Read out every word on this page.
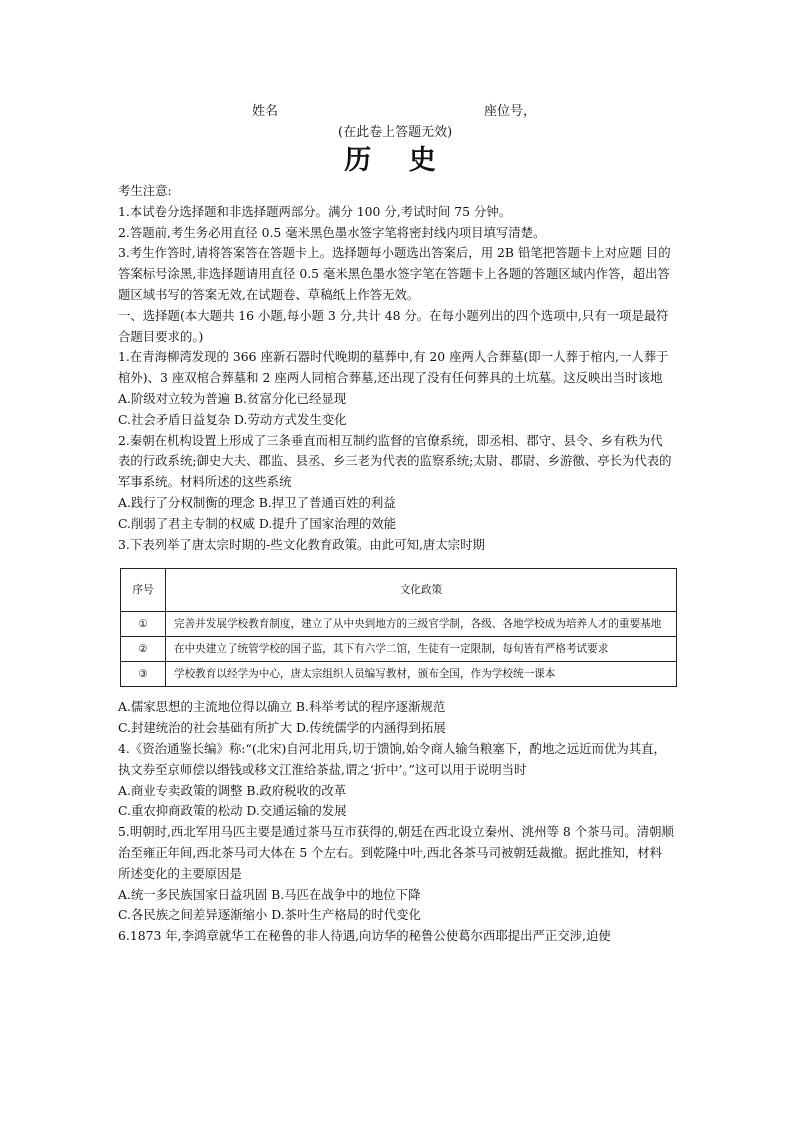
姓名	座位号，
(在此卷上答题无效)
历 史

考生注意:

1.本试卷分选择题和非选择题两部分。满分 100 分,考试时间 75 分钟。

2.答题前,考生务必用直径 0.5 毫米黑色墨水签字笔将密封线内项目填写清楚。

3.考生作答时,请将答案答在答题卡上。选择题每小题选出答案后，用 2B 铅笔把答题卡上对应题 目的答案标号涂黑,非选择题请用直径 0.5 毫米黑色墨水签字笔在答题卡上各题的答题区域内作答，超出答题区域书写的答案无效,在试题卷、草稿纸上作答无效。

一、选择题(本大题共 16 小题,每小题 3 分,共计 48 分。在每小题列出的四个选项中,只有一项是最符合题目要求的。)

1.在青海柳湾发现的 366 座新石器时代晚期的墓葬中,有 20 座两人合葬墓(即一人葬于棺内,一人葬于棺外)、3 座双棺合葬墓和 2 座两人同棺合葬墓,还出现了没有任何葬具的土坑墓。这反映出当时该地

A.阶级对立较为普遍 B.贫富分化已经显现

C.社会矛盾日益复杂 D.劳动方式发生变化

2.秦朝在机构设置上形成了三条垂直而相互制约监督的官僚系统，即丞相、郡守、县令、乡有秩为代表的行政系统;御史大夫、郡监、县丞、乡三老为代表的监察系统;太尉、郡尉、乡游徼、亭长为代表的军事系统。材料所述的这些系统

A.践行了分权制衡的理念 B.捍卫了普通百姓的利益

C.削弱了君主专制的权威 D.提升了国家治理的效能

3.下表列举了唐太宗时期的-些文化教育政策。由此可知,唐太宗时期

序号	文化政策
①	完善并发展学校教育制度，建立了从中央到地方的三级官学制，各级、各地学校成为培养人才的重要基地
②	在中央建立了统管学校的国子监，其下有六学二馆，生徒有一定限制，每旬皆有严格考试要求
③	学校教育以经学为中心，唐太宗组织人员编写教材，颁布全国，作为学校统一课本

A.儒家思想的主流地位得以确立 B.科举考试的程序逐渐规范

C.封建统治的社会基础有所扩大 D.传统儒学的内涵得到拓展

4.《资治通鉴长编》称:“(北宋)自河北用兵,切于馈饷,始令商人输刍粮塞下，酌地之远近而优为其直，执文券至京师偿以缗钱或移文江淮给茶盐,谓之‘折中’。”这可以用于说明当时

A.商业专卖政策的调整 B.政府税收的改革

C.重农抑商政策的松动 D.交通运输的发展

5.明朝时,西北军用马匹主要是通过茶马互市获得的,朝廷在西北设立秦州、洮州等 8 个茶马司。清朝顺治至雍正年间,西北茶马司大体在 5 个左右。到乾隆中叶,西北各茶马司被朝廷裁撤。据此推知，材料所述变化的主要原因是

A.统一多民族国家日益巩固 B.马匹在战争中的地位下降

C.各民族之间差异逐渐缩小 D.茶叶生产格局的时代变化

6.1873 年,李鸿章就华工在秘鲁的非人待遇,向访华的秘鲁公使葛尔西耶提出严正交涉,迫使
